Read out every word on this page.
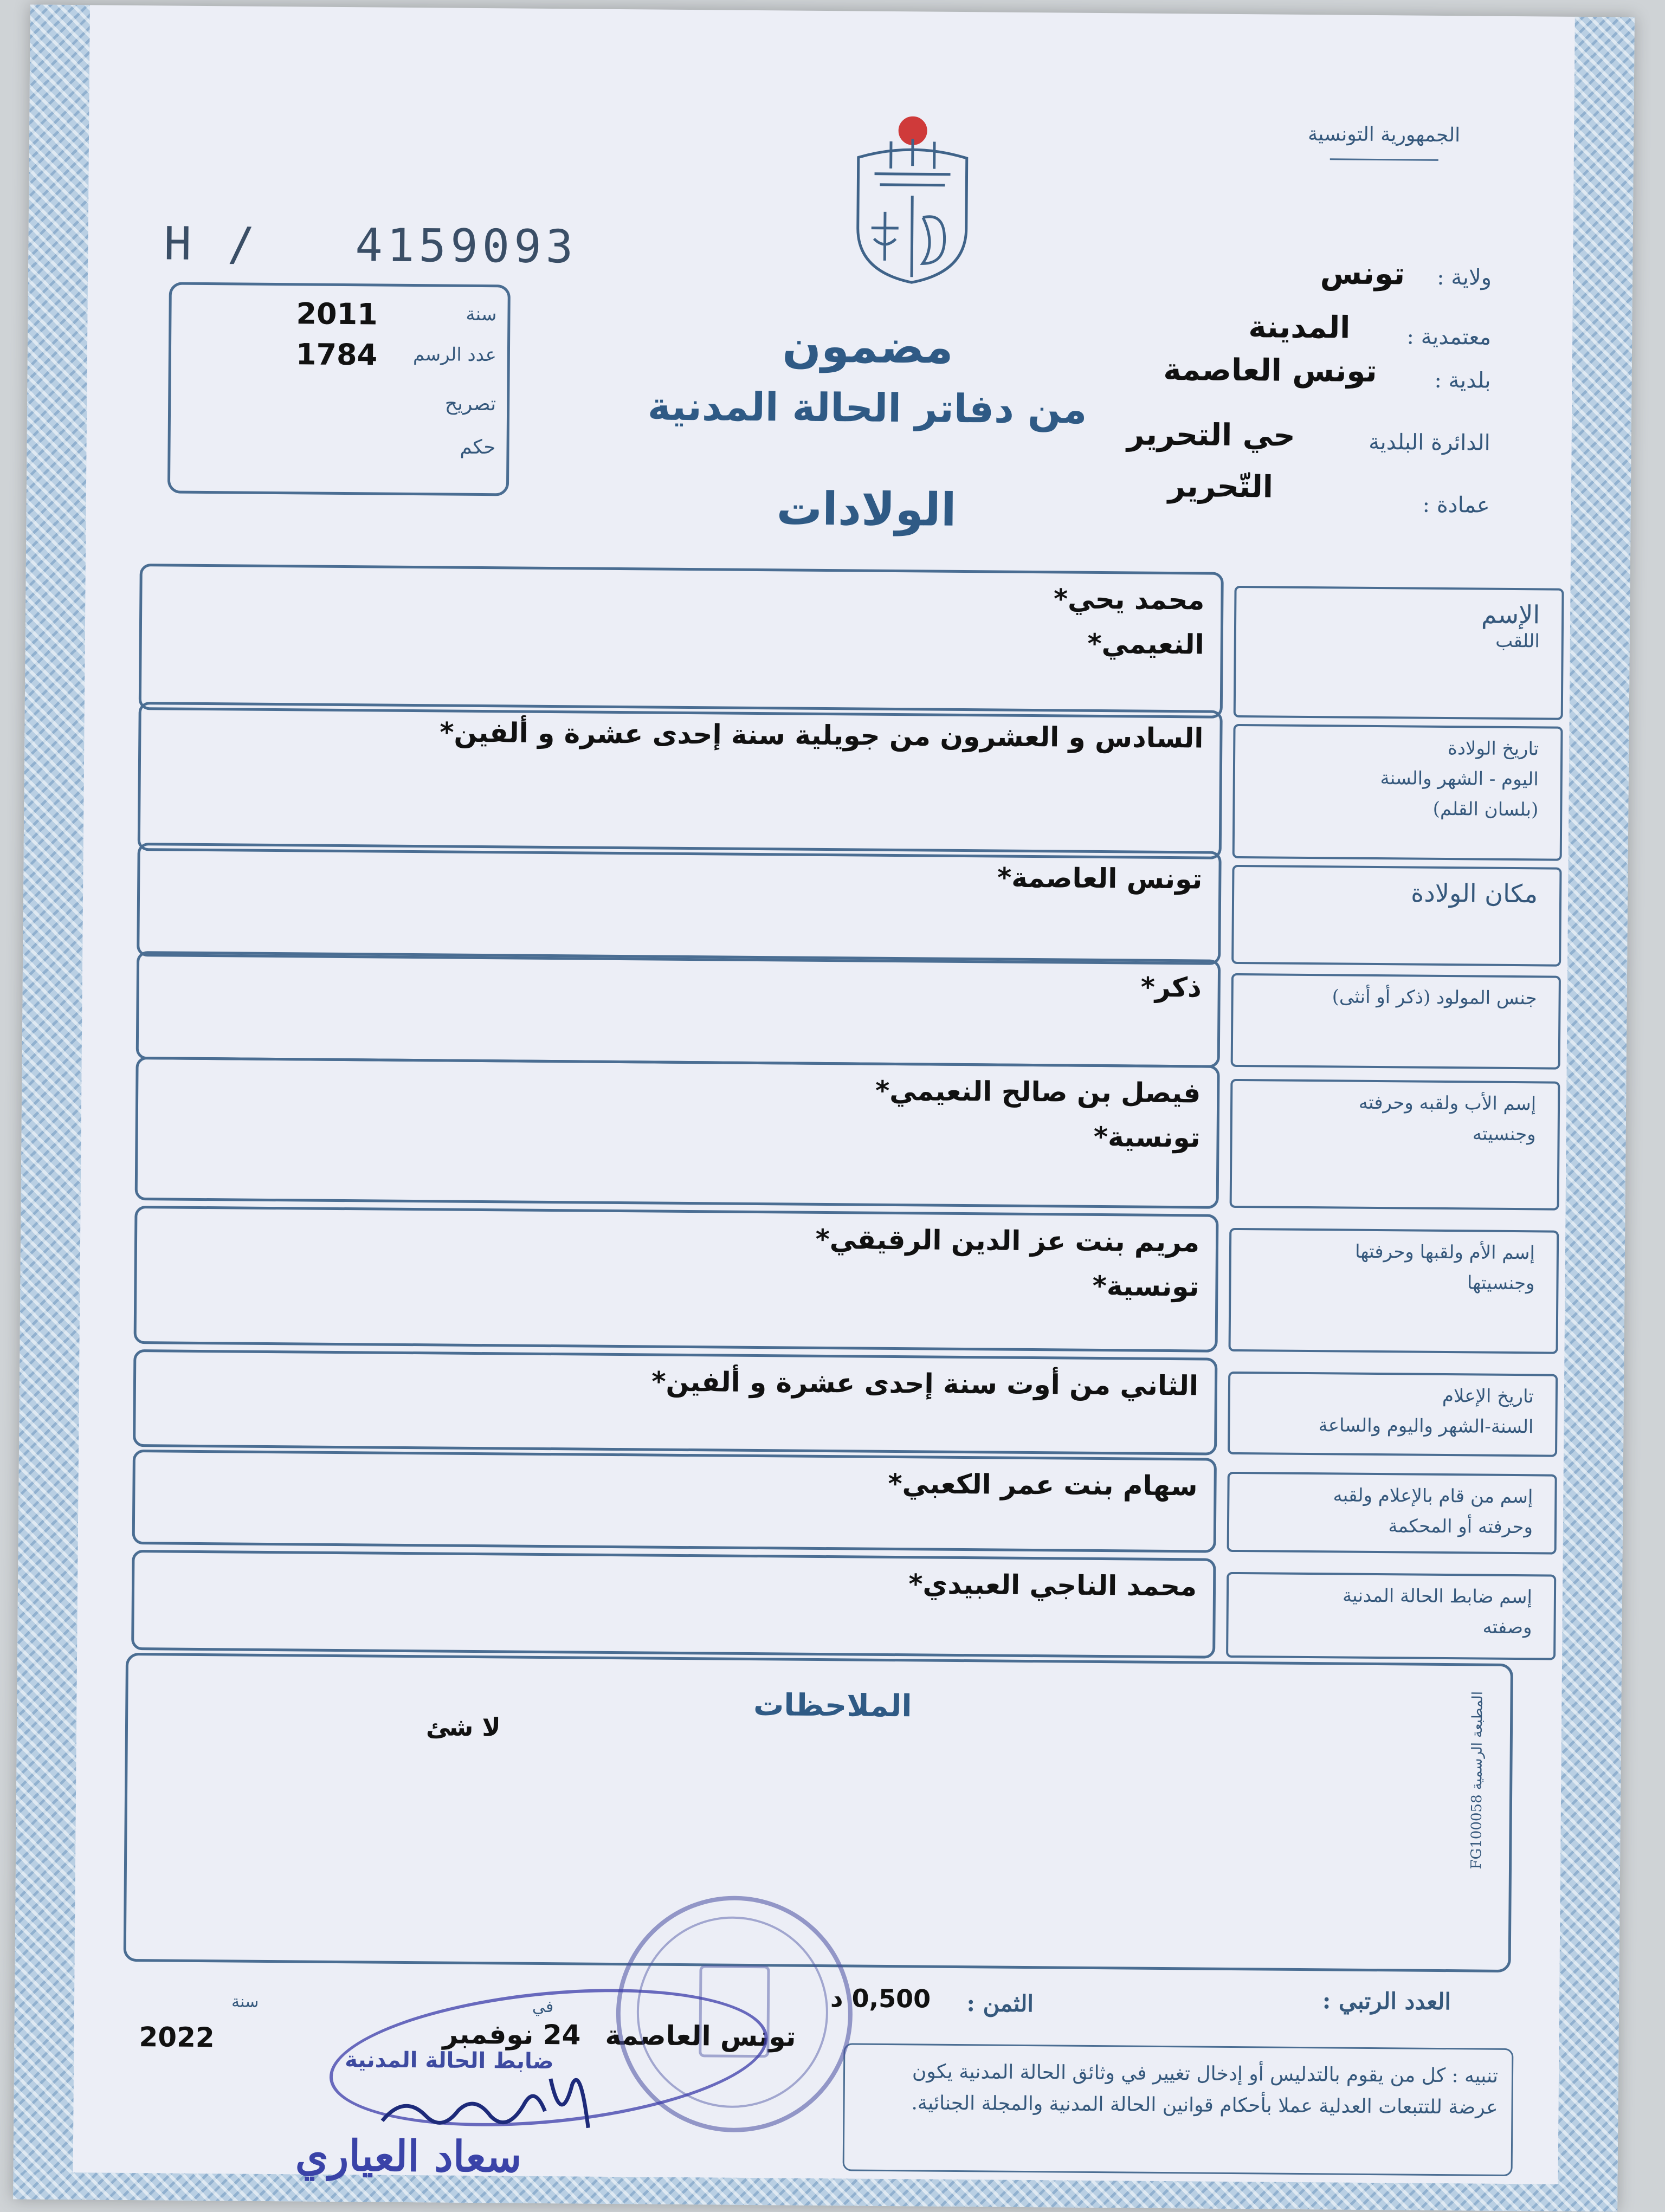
الجمهورية التونسية
H / 4159093
سنة
2011
عدد الرسم
1784
تصريح
حكم
ولاية :
تونس
معتمدية :
المدينة
بلدية :
تونس العاصمة
الدائرة البلدية
حي التحرير
عمادة :
التّحرير
مضمون
من دفاتر الحالة المدنية
الولادات
محمد يحي*
النعيمي*
الإسم
اللقب
السادس و العشرون من جويلية سنة إحدى عشرة و ألفين*	تاريخ الولادة
اليوم - الشهر والسنة
(بلسان القلم)
تونس العاصمة*	مكان الولادة
ذكر*	جنس المولود (ذكر أو أنثى)
فيصل بن صالح النعيمي*
تونسية*
إسم الأب ولقبه وحرفته
وجنسيته
مريم بنت عز الدين الرقيقي*
تونسية*
إسم الأم ولقبها وحرفتها
وجنسيتها
الثاني من أوت سنة إحدى عشرة و ألفين*	تاريخ الإعلام
السنة-الشهر واليوم والساعة
سهام بنت عمر الكعبي*	إسم من قام بالإعلام ولقبه
وحرفته أو المحكمة
محمد الناجي العبيدي*	إسم ضابط الحالة المدنية
وصفته
الملاحظات
لا شئ
المطبعة الرسمية FG100058
العدد الرتبي :
الثمن :
0,500 د
سنة
2022
في
24 نوفمبر تونس العاصمة
ضابط الحالة المدنية	تنبيه : كل من يقوم بالتدليس أو إدخال تغيير في وثائق الحالة المدنية يكون عرضة للتتبعات العدلية عملا بأحكام قوانين الحالة المدنية والمجلة الجنائية.
سعاد العياري
